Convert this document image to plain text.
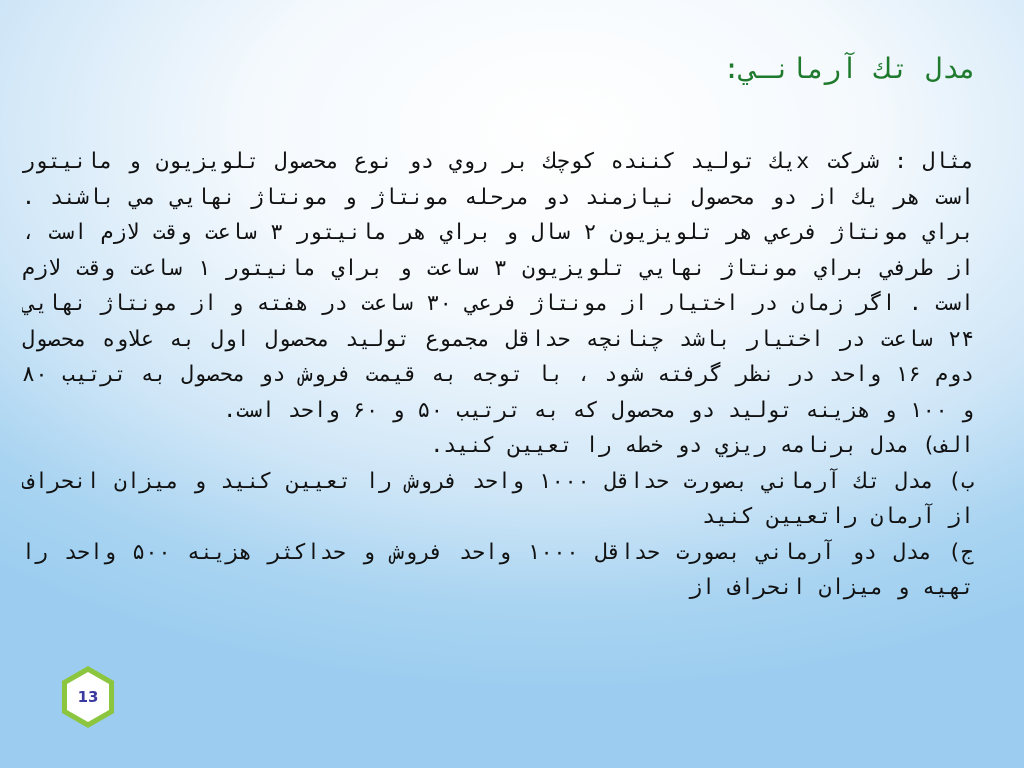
مدل تك آرمانـي:

مثال : شركت xيك توليد كننده كوچك بر روي دو نوع محصول تلويزيون و مانيتور است هر يك از دو محصول نيازمند دو مرحله مونتاژ و مونتاژ نهايي مي باشند . براي مونتاژ فرعي هر تلويزيون ٢ سال و براي هر مانيتور ٣ ساعت وقت لازم است ، از طرفي براي مونتاژ نهايي تلويزيون ٣ ساعت و براي مانيتور ١ ساعت وقت لازم است . اگر زمان در اختيار از مونتاژ فرعي ٣٠ ساعت در هفته و از مونتاژ نهايي ٢۴ ساعت در اختيار باشد چنانچه حداقل مجموع توليد محصول اول به علاوه محصول دوم ١۶ واحد در نظر گرفته شود ، با توجه به قيمت فروش دو محصول به ترتيب ٨٠ و ١٠٠ و هزينه توليد دو محصول كه به ترتيب ۵٠ و ۶٠ واحد است.

الف) مدل برنامه ريزي دو خطه را تعيين كنيد.

ب) مدل تك آرماني بصورت حداقل ١٠٠٠ واحد فروش را تعيين كنيد و ميزان انحراف از آرمان راتعيين كنيد

ج) مدل دو آرماني بصورت حداقل ١٠٠٠ واحد فروش و حداكثر هزينه ۵٠٠ واحد را تهيه و ميزان انحراف از

13
